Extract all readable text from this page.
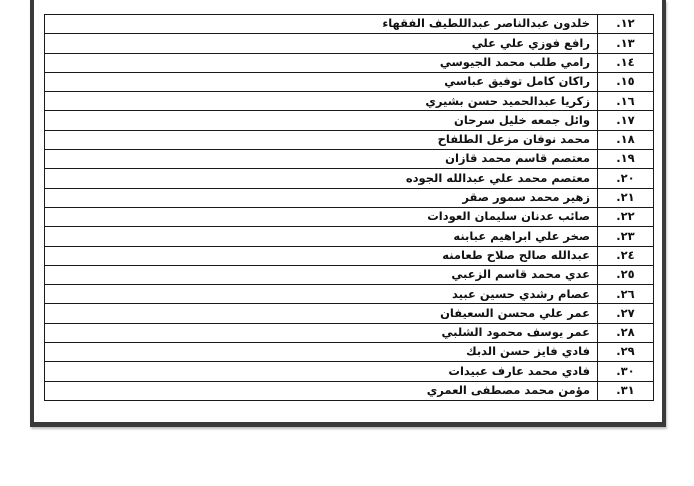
١٢.	خلدون عبدالناصر عبداللطيف الفقهاء
١٣.	رافع فوزي علي علي
١٤.	رامي طلب محمد الجيوسي
١٥.	راكان كامل توفيق عباسي
١٦.	زكريا عبدالحميد حسن بشيري
١٧.	وائل جمعه خليل سرحان
١٨.	محمد نوفان مزعل الطلفاح
١٩.	معتصم قاسم محمد قازان
٢٠.	معتصم محمد علي عبدالله الجوده
٢١.	زهير محمد سمور صقر
٢٢.	صائب عدنان سليمان العودات
٢٣.	صخر علي ابراهيم عبابنه
٢٤.	عبدالله صالح صلاح طعامنه
٢٥.	عدي محمد قاسم الزعبي
٢٦.	عصام رشدي حسين عبيد
٢٧.	عمر علي محسن السعيفان
٢٨.	عمر يوسف محمود الشلبي
٢٩.	فادي فايز حسن الدبك
٣٠.	فادي محمد عارف عبيدات
٣١.	مؤمن محمد مصطفى العمري
